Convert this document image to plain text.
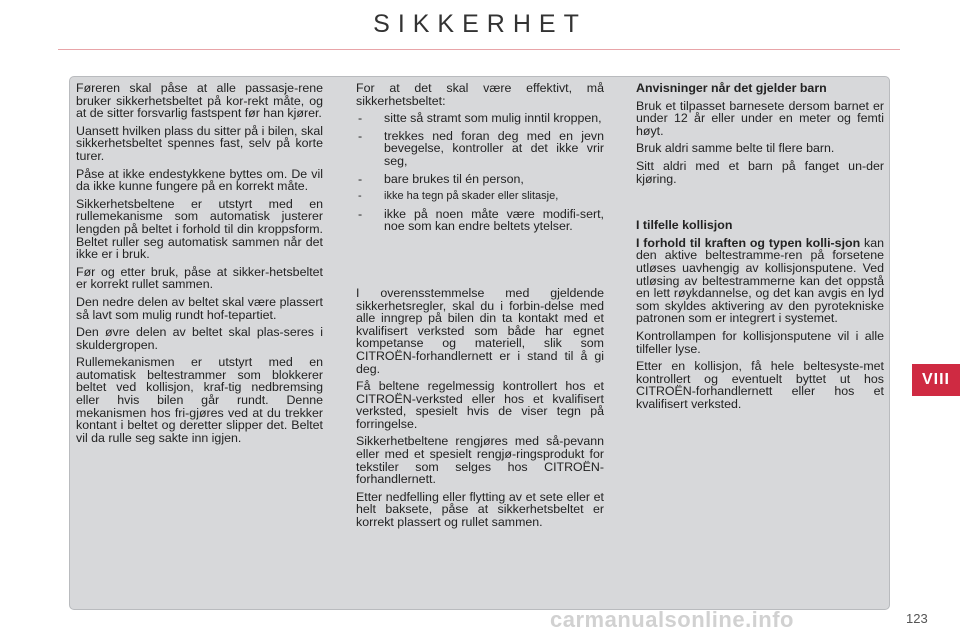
SIKKERHET

Føreren skal påse at alle passasje-rene bruker sikkerhetsbeltet på kor-rekt måte, og at de sitter forsvarlig fastspent før han kjører.

Uansett hvilken plass du sitter på i bilen, skal sikkerhetsbeltet spennes fast, selv på korte turer.

Påse at ikke endestykkene byttes om. De vil da ikke kunne fungere på en korrekt måte.

Sikkerhetsbeltene er utstyrt med en rullemekanisme som automatisk justerer lengden på beltet i forhold til din kroppsform. Beltet ruller seg automatisk sammen når det ikke er i bruk.

Før og etter bruk, påse at sikker-hetsbeltet er korrekt rullet sammen.

Den nedre delen av beltet skal være plassert så lavt som mulig rundt hof-tepartiet.

Den øvre delen av beltet skal plas-seres i skuldergropen.

Rullemekanismen er utstyrt med en automatisk beltestrammer som blokkerer beltet ved kollisjon, kraf-tig nedbremsing eller hvis bilen går rundt. Denne mekanismen hos fri-gjøres ved at du trekker kontant i beltet og deretter slipper det. Beltet vil da rulle seg sakte inn igjen.

For at det skal være effektivt, må sikkerhetsbeltet:

- sitte så stramt som mulig inntil kroppen,
- trekkes ned foran deg med en jevn bevegelse, kontroller at det ikke vrir seg,
- bare brukes til én person,
- ikke ha tegn på skader eller slitasje,
- ikke på noen måte være modifi-sert, noe som kan endre beltets ytelser.

I overensstemmelse med gjeldende sikkerhetsregler, skal du i forbin-delse med alle inngrep på bilen din ta kontakt med et kvalifisert verksted som både har egnet kompetanse og materiell, slik som CITROËN-forhandlernett er i stand til å gi deg.

Få beltene regelmessig kontrollert hos et CITROËN-verksted eller hos et kvalifisert verksted, spesielt hvis de viser tegn på forringelse.

Sikkerhetbeltene rengjøres med så-pevann eller med et spesielt rengjø-ringsprodukt for tekstiler som selges hos CITROËN-forhandlernett.

Etter nedfelling eller flytting av et sete eller et helt baksete, påse at sikkerhetsbeltet er korrekt plassert og rullet sammen.

Anvisninger når det gjelder barn

Bruk et tilpasset barnesete dersom barnet er under 12 år eller under en meter og femti høyt.

Bruk aldri samme belte til flere barn.

Sitt aldri med et barn på fanget un-der kjøring.

I tilfelle kollisjon

I forhold til kraften og typen kolli-sjon kan den aktive beltestramme-ren på forsetene utløses uavhengig av kollisjonsputene. Ved utløsing av beltestrammerne kan det oppstå en lett røykdannelse, og det kan avgis en lyd som skyldes aktivering av den pyrotekniske patronen som er integrert i systemet.

Kontrollampen for kollisjonsputene vil i alle tilfeller lyse.

Etter en kollisjon, få hele beltesyste-met kontrollert og eventuelt byttet ut hos CITROËN-forhandlernett eller hos et kvalifisert verksted.

VIII
carmanualsonline.info	123
